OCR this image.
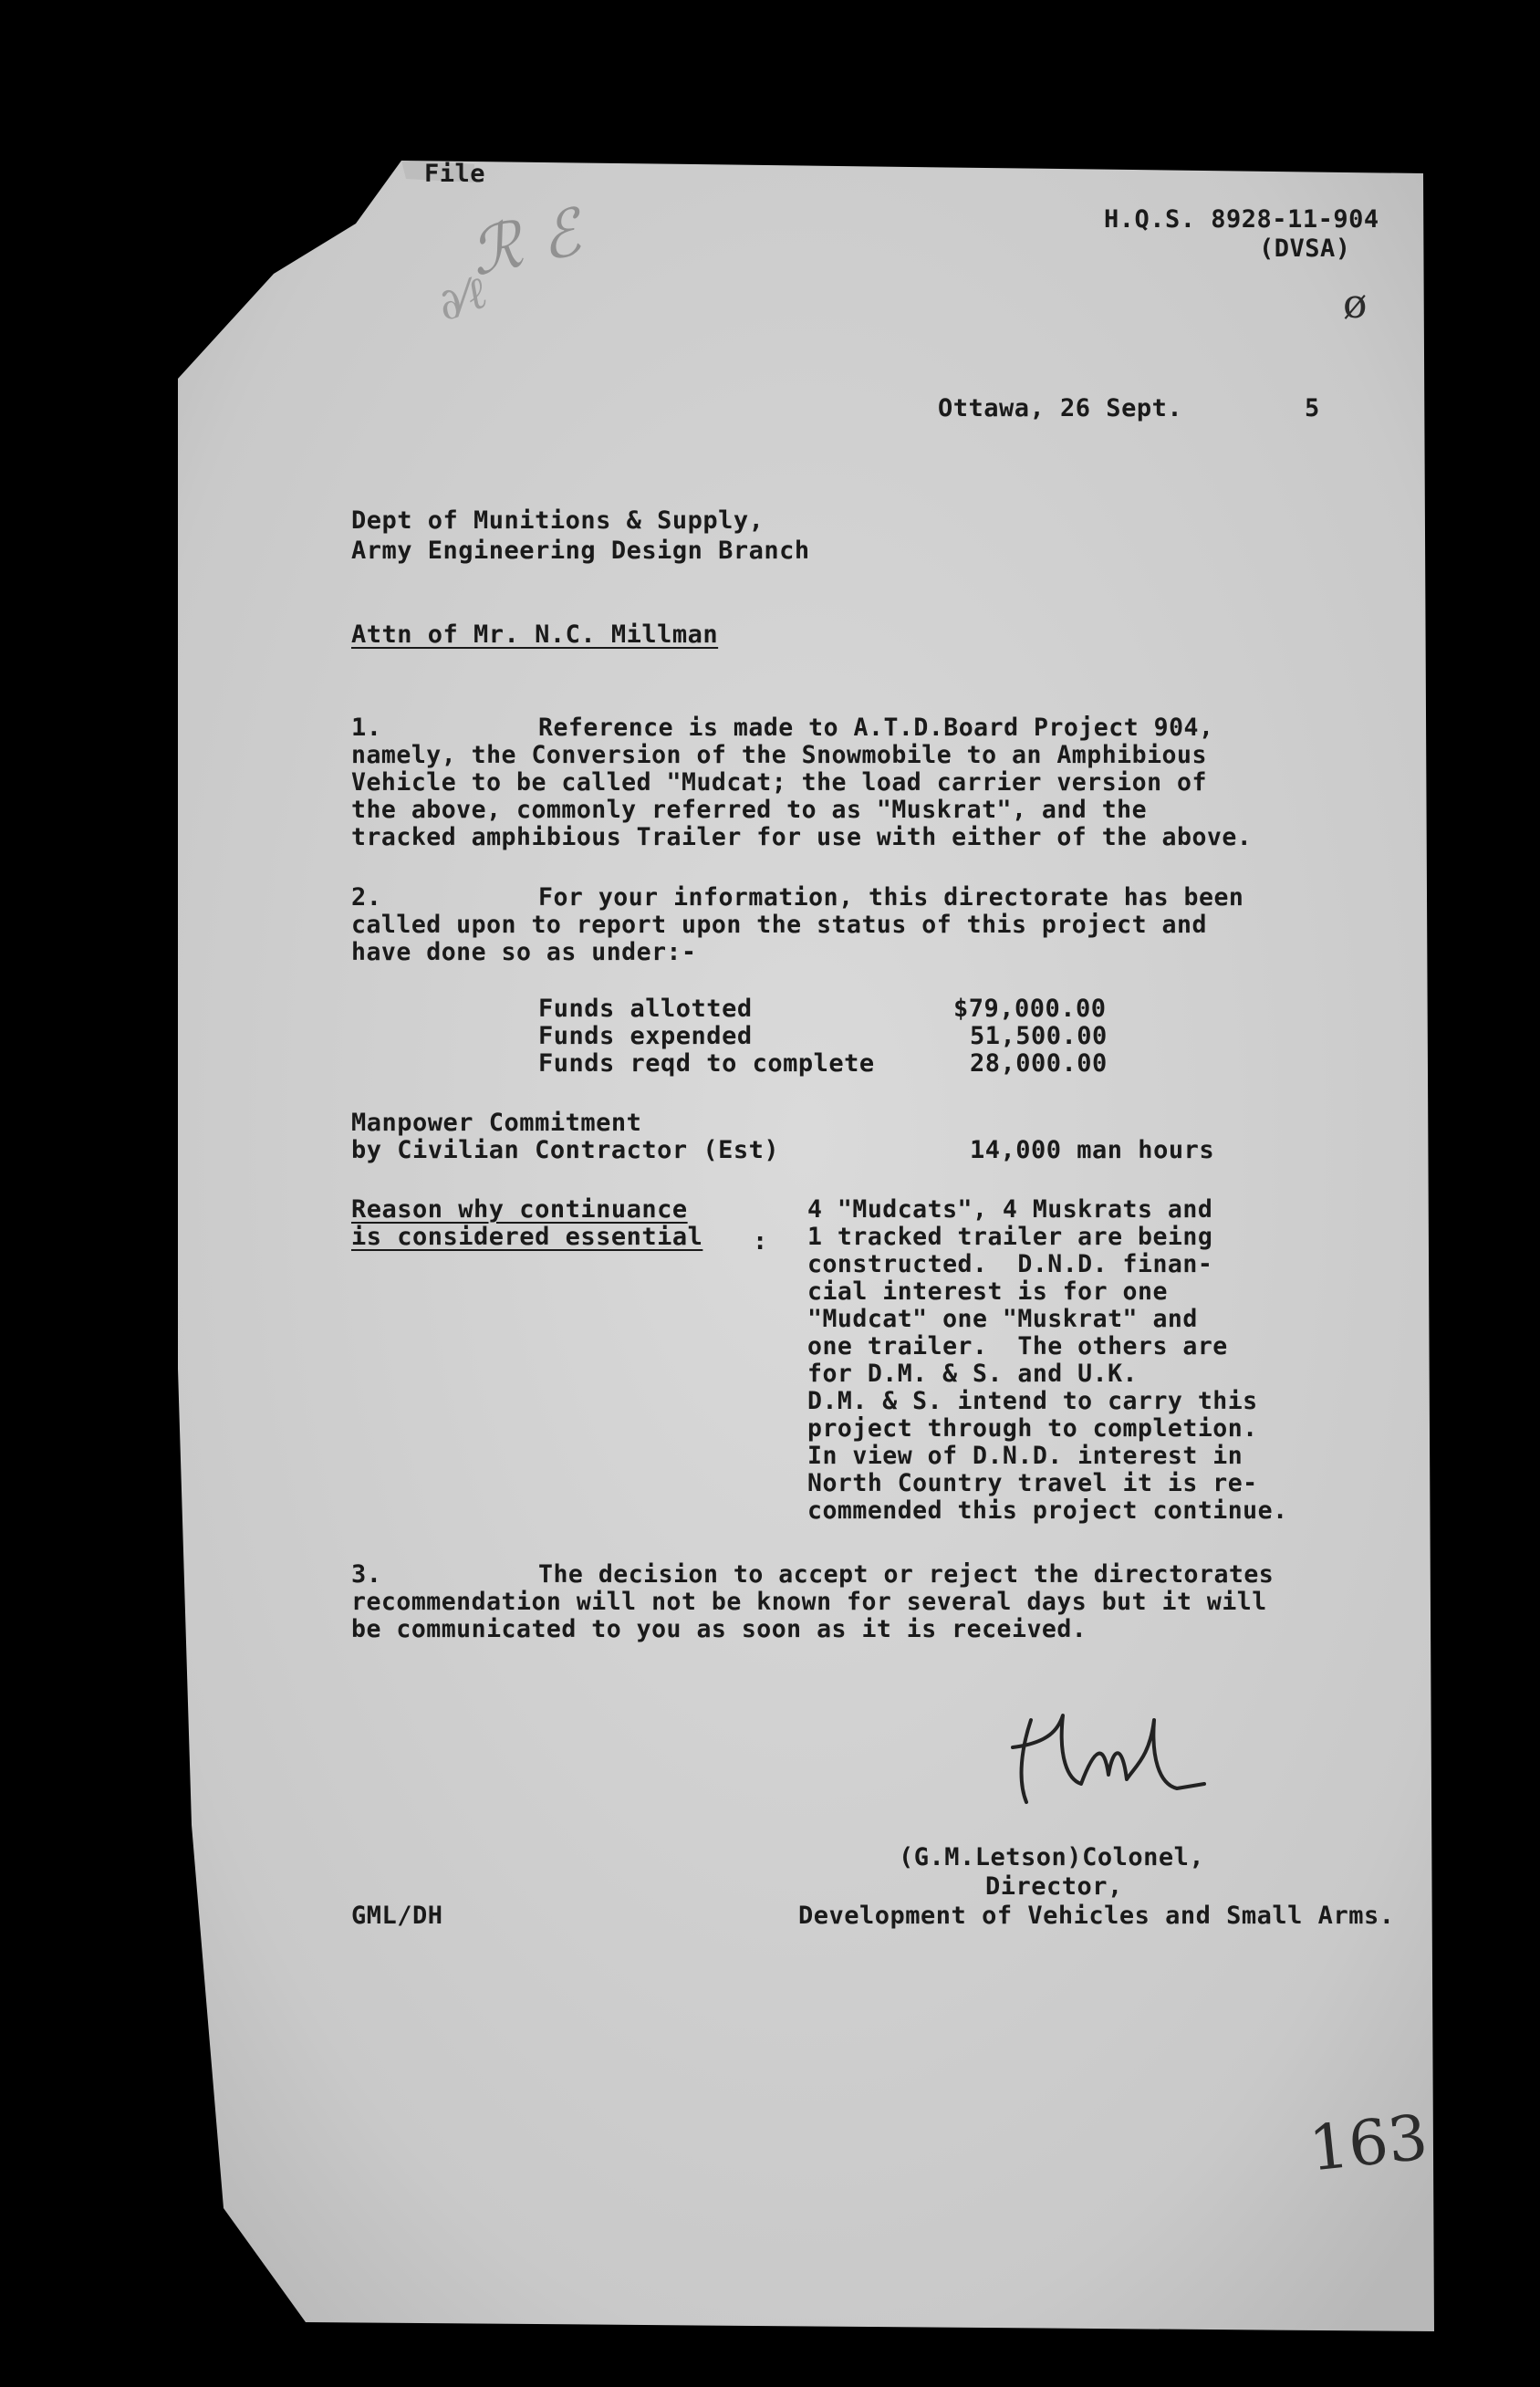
ℛ ℰ
∂⁄ℓ	ø
File
H.Q.S. 8928-11-904
(DVSA)
Ottawa, 26 Sept.	5
Dept of Munitions & Supply,
Army Engineering Design Branch
Attn of Mr. N.C. Millman
1.	Reference is made to A.T.D.Board Project 904,
namely, the Conversion of the Snowmobile to an Amphibious
Vehicle to be called "Mudcat; the load carrier version of
the above, commonly referred to as "Muskrat", and the
tracked amphibious Trailer for use with either of the above.
2.	For your information, this directorate has been
called upon to report upon the status of this project and
have done so as under:-
Funds allotted	$79,000.00
Funds expended	51,500.00
Funds reqd to complete	28,000.00
Manpower Commitment
by Civilian Contractor (Est)	14,000 man hours
Reason why continuance
is considered essential :
4 "Mudcats", 4 Muskrats and
1 tracked trailer are being
constructed.  D.N.D. finan-
cial interest is for one
"Mudcat" one "Muskrat" and
one trailer.  The others are
for D.M. & S. and U.K.
D.M. & S. intend to carry this
project through to completion.
In view of D.N.D. interest in
North Country travel it is re-
commended this project continue.
3.	The decision to accept or reject the directorates
recommendation will not be known for several days but it will
be communicated to you as soon as it is received.
(G.M.Letson)Colonel,
Director,
Development of Vehicles and Small Arms.
GML/DH
163
